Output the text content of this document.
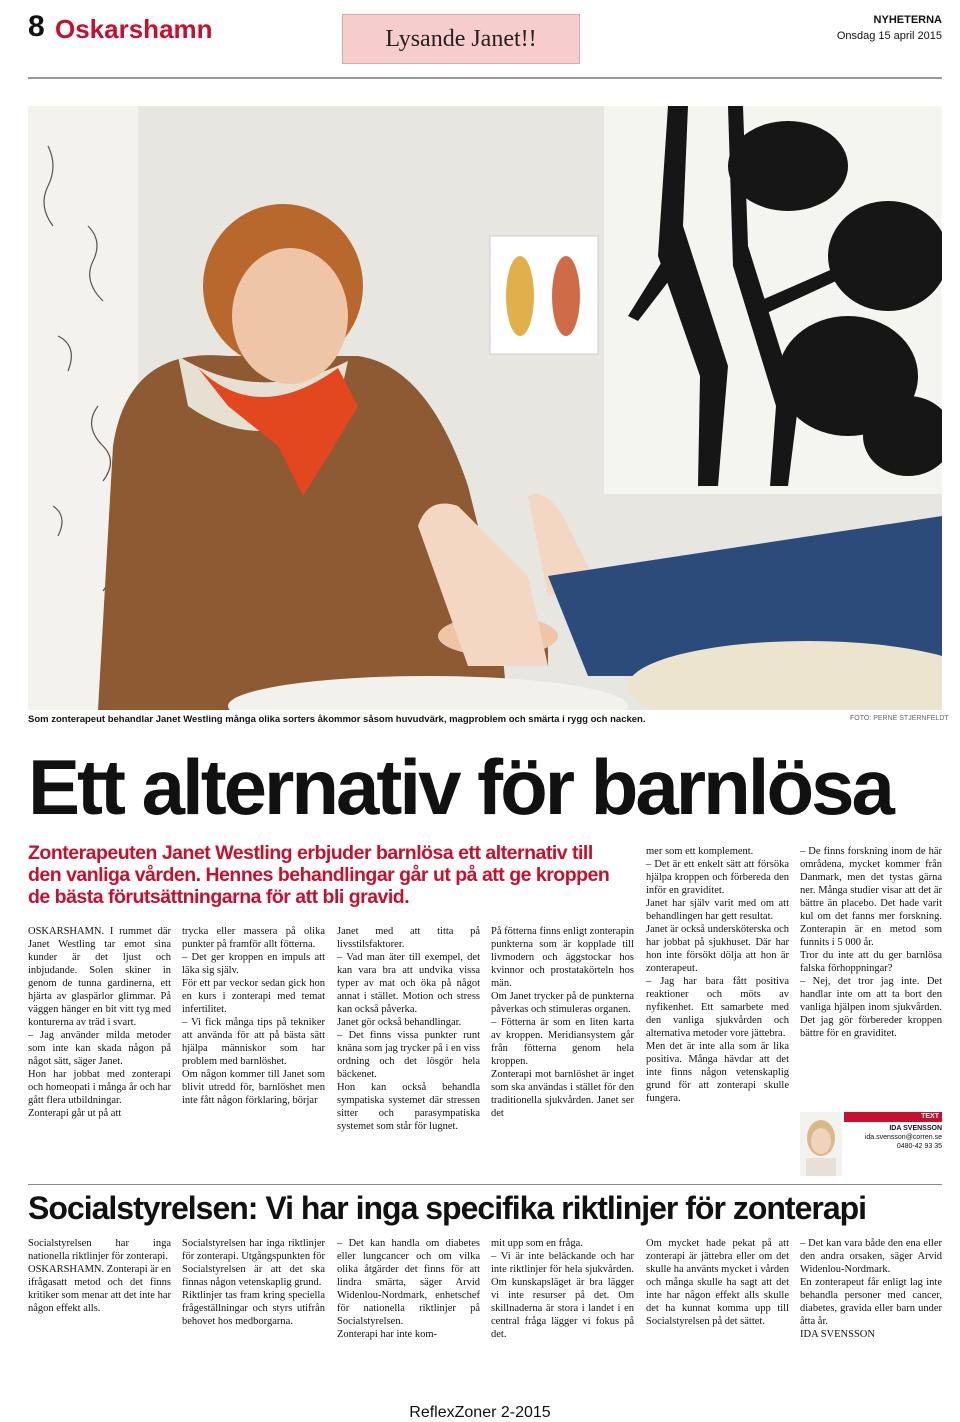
8 Oskarshamn	Lysande Janet!!
NYHETERNA
Onsdag 15 april 2015
Som zonterapeut behandlar Janet Westling många olika sorters åkommor såsom huvudvärk, magproblem och smärta i rygg och nacken.	FOTO: PERNE STJERNFELDT
Ett alternativ för barnlösa
Zonterapeuten Janet Westling erbjuder barnlösa ett alternativ till den vanliga vården. Hennes behandlingar går ut på att ge kroppen de bästa förutsättningarna för att bli gravid.
OSKARSHAMN. I rummet där Janet Westling tar emot sina kunder är det ljust och inbjudande. Solen skiner in genom de tunna gardinerna, ett hjärta av glaspärlor glimmar. På väggen hänger en bit vitt tyg med konturerna av träd i svart.
– Jag använder milda metoder som inte kan skada någon på något sätt, säger Janet.
Hon har jobbat med zonterapi och homeopati i många år och har gått flera utbildningar.
Zonterapi går ut på att
trycka eller massera på olika punkter på framför allt fötterna.
– Det ger kroppen en impuls att läka sig själv.
För ett par veckor sedan gick hon en kurs i zonterapi med temat infertilitet.
– Vi fick många tips på tekniker att använda för att på bästa sätt hjälpa människor som har problem med barnlöshet.
Om någon kommer till Janet som blivit utredd för, barnlöshet men inte fått någon förklaring, börjar
Janet med att titta på livsstilsfaktorer.
– Vad man äter till exempel, det kan vara bra att undvika vissa typer av mat och öka på något annat i stället. Motion och stress kan också påverka.
Janet gör också behandlingar.
– Det finns vissa punkter runt knäna som jag trycker på i en viss ordning och det lösgör hela bäckenet.
Hon kan också behandla sympatiska systemet där stressen sitter och parasympatiska systemet som står för lugnet.
På fötterna finns enligt zonterapin punkterna som är kopplade till livmodern och äggstockar hos kvinnor och prostatakörteln hos män.
Om Janet trycker på de punkterna påverkas och stimuleras organen.
– Fötterna är som en liten karta av kroppen. Meridiansystem går från fötterna genom hela kroppen.
Zonterapi mot barnlöshet är inget som ska användas i stället för den traditionella sjukvården. Janet ser det
mer som ett komplement.
– Det är ett enkelt sätt att försöka hjälpa kroppen och förbereda den inför en graviditet.
Janet har själv varit med om att behandlingen har gett resultat.
Janet är också undersköterska och har jobbat på sjukhuset. Där har hon inte försökt dölja att hon är zonterapeut.
– Jag har bara fått positiva reaktioner och möts av nyfikenhet. Ett samarbete med den vanliga sjukvården och alternativa metoder vore jättebra.
Men det är inte alla som är lika positiva. Många hävdar att det inte finns någon vetenskaplig grund för att zonterapi skulle fungera.
– De finns forskning inom de här områdena, mycket kommer från Danmark, men det tystas gärna ner. Många studier visar att det är bättre än placebo. Det hade varit kul om det fanns mer forskning. Zonterapin är en metod som funnits i 5 000 år.
Tror du inte att du ger barnlösa falska förhoppningar?
– Nej, det tror jag inte. Det handlar inte om att ta bort den vanliga hjälpen inom sjukvården. Det jag gör förbereder kroppen bättre för en graviditet.
TEXT
IDA SVENSSON
ida.svensson@corren.se
0480-42 93 35
Socialstyrelsen: Vi har inga specifika riktlinjer för zonterapi
Socialstyrelsen har inga nationella riktlinjer för zonterapi.
OSKARSHAMN. Zonterapi är en ifrågasatt metod och det finns kritiker som menar att det inte har någon effekt alls.
Socialstyrelsen har inga riktlinjer för zonterapi. Utgångspunkten för Socialstyrelsen är att det ska finnas någon vetenskaplig grund.
Riktlinjer tas fram kring speciella frågeställningar och styrs utifrån behovet hos medborgarna.
– Det kan handla om diabetes eller lungcancer och om vilka olika åtgärder det finns för att lindra smärta, säger Arvid Widenlou-Nordmark, enhetschef för nationella riktlinjer på Socialstyrelsen.
Zonterapi har inte kom-
mit upp som en fråga.
– Vi är inte beläckande och har inte riktlinjer för hela sjukvården. Om kunskapsläget är bra lägger vi inte resurser på det. Om skillnaderna är stora i landet i en central fråga lägger vi fokus på det.
Om mycket hade pekat på att zonterapi är jättebra eller om det skulle ha använts mycket i vården och många skulle ha sagt att det inte har någon effekt alls skulle det ha kunnat komma upp till Socialstyrelsen på det sättet.
– Det kan vara både den ena eller den andra orsaken, säger Arvid Widenlou-Nordmark.
En zonterapeut får enligt lag inte behandla personer med cancer, diabetes, gravida eller barn under åtta år.
IDA SVENSSON
ReflexZoner 2-2015
